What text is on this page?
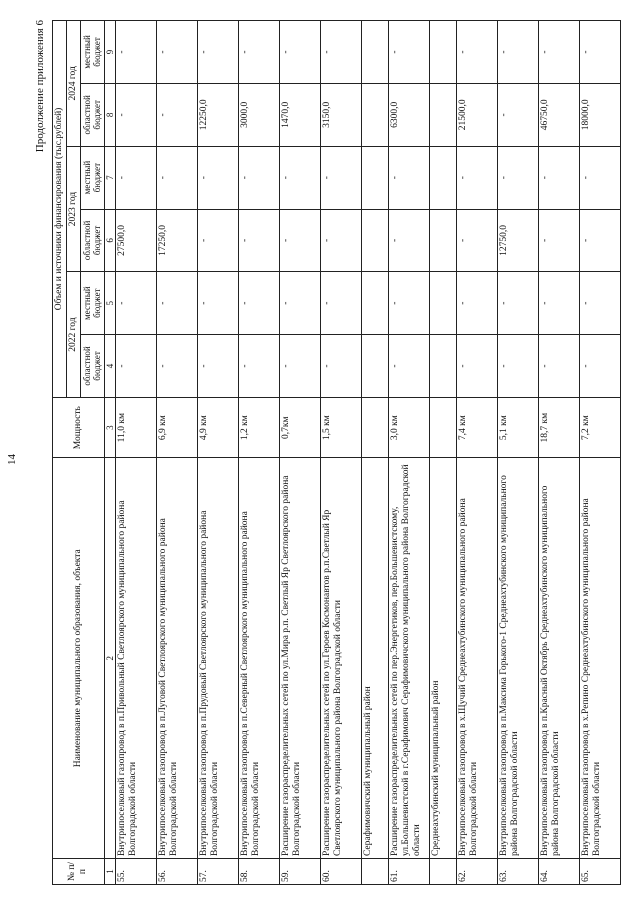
14
Продолжение приложения 6
№ п/п	Наименование муниципального образования, объекта	Мощность	Объем и источники финансирования (тыс.рублей)					
			2022 год		2023 год		2024 год	
			областной бюджет	местный бюджет	областной бюджет	местный бюджет	областной бюджет	местный бюджет
1	2	3	4	5	6	7	8	9
55.	Внутрипоселковый газопровод в п.Привольный Светлоярского муниципального района Волгоградской области	11,0 км	-	-	27500,0	-	-	-
56.	Внутрипоселковый газопровод в п.Луговой Светлоярского муниципального района Волгоградской области	6,9 км	-	-	17250,0	-	-	-
57.	Внутрипоселковый газопровод в п.Прудовый Светлоярского муниципального района Волгоградской области	4,9 км	-	-	-	-	12250,0	-
58.	Внутрипоселковый газопровод в п.Северный Светлоярского муниципального района Волгоградской области	1,2 км	-	-	-	-	3000,0	-
59.	Расширение газораспределительных сетей по ул.Мира р.п. Светлый Яр Светлоярского района Волгоградской области	0,7км	-	-	-	-	1470,0	-
60.	Расширение газораспределительных сетей по ул.Героев Космонавтов р.п.Светлый Яр Светлоярского муниципального района Волгоградской области	1,5 км	-	-	-	-	3150,0	-
	Серафимовичский муниципальный район							
61.	Расширение газораспределительных сетей по пер.Энергетиков, пер.Большевистскому, ул.Большевистской в г.Серафимович Серафимовичского муниципального района Волгоградской области	3,0 км	-	-	-	-	6300,0	-
	Среднеахтубинский муниципальный район							
62.	Внутрипоселковый газопровод в х.Щучий Среднеахтубинского муниципального района Волгоградской области	7,4 км	-	-	-	-	21500,0	-
63.	Внутрипоселковый газопровод в п.Максима Горького-1 Среднеахтубинского муниципального района Волгоградской области	5,1 км	-	-	12750,0	-	-	-
64.	Внутрипоселковый газопровод в п.Красный Октябрь Среднеахтубинского муниципального района Волгоградской области	18,7 км	-	-	-	-	46750,0	-
65.	Внутрипоселковый газопровод в х.Репино Среднеахтубинского муниципального района Волгоградской области	7,2 км	-	-	-	-	18000,0	-
